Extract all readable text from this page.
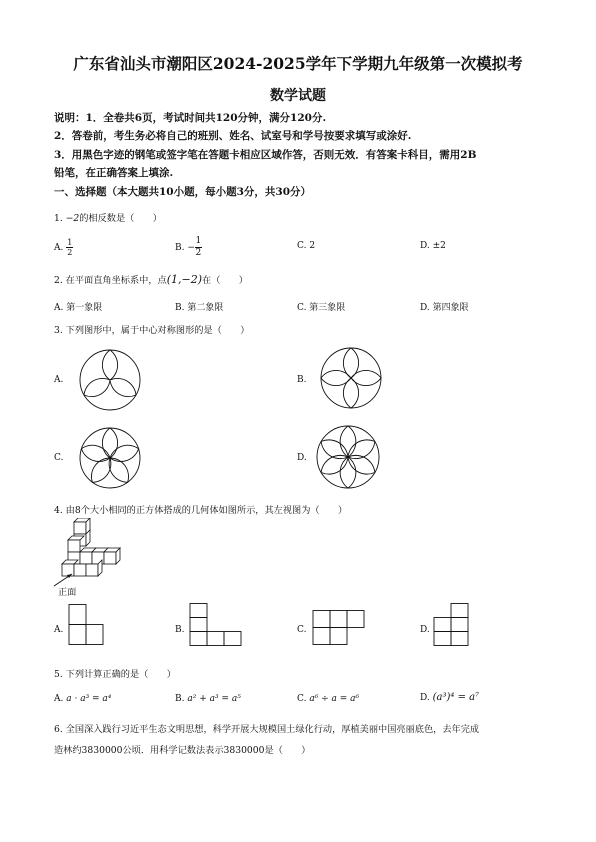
广东省汕头市潮阳区2024-2025学年下学期九年级第一次模拟考
数学试题
说明：1．全卷共6页，考试时间共120分钟，满分120分.
2．答卷前，考生务必将自己的班别、姓名、试室号和学号按要求填写或涂好.
3．用黑色字迹的钢笔或签字笔在答题卡相应区域作答，否则无效．有答案卡科目，需用2B
铅笔，在正确答案上填涂.
一、选择题（本大题共10小题，每小题3分，共30分）
1. −2的相反数是（　　）
A. $\frac{1}{2}$	B. − $\frac{1}{2}$	C. 2	D. ±2
2. 在平面直角坐标系中，点(1,−2)在（　　）
A. 第一象限	B. 第二象限	C. 第三象限	D. 第四象限
3. 下列图形中，属于中心对称图形的是（　　）
A.	B.
C.	D.
4. 由8个大小相同的正方体搭成的几何体如图所示，其左视图为（　　）
正面
A.	B.	C.	D.
5. 下列计算正确的是（　　）
A. a · a³ = a⁴	B. a² + a³ = a⁵	C. a⁶ ÷ a = a⁶	D. (a³)⁴ = a⁷
6. 全国深入践行习近平生态文明思想，科学开展大规模国土绿化行动，厚植美丽中国亮丽底色，去年完成
造林约3830000公顷．用科学记数法表示3830000是（　　）
